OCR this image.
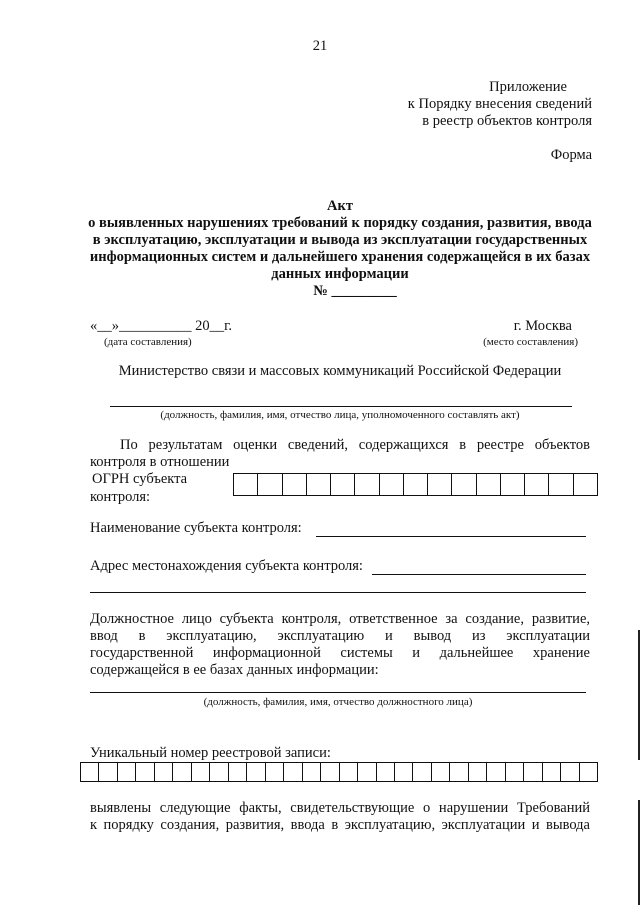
21
Приложение
к Порядку внесения сведений
в реестр объектов контроля
Форма
Акт
о выявленных нарушениях требований к порядку создания, развития, ввода
в эксплуатацию, эксплуатации и вывода из эксплуатации государственных
информационных систем и дальнейшего хранения содержащейся в их базах
данных информации
№ _________
«__»__________ 20__г.
(дата составления)
г. Москва
(место составления)
Министерство связи и массовых коммуникаций Российской Федерации
(должность, фамилия, имя, отчество лица, уполномоченного составлять акт)
По результатам оценки сведений, содержащихся в реестре объектов
контроля в отношении
ОГРН субъекта
контроля:
Наименование субъекта контроля:
Адрес местонахождения субъекта контроля:
Должностное лицо субъекта контроля, ответственное за создание, развитие,
ввод в эксплуатацию, эксплуатацию и вывод из эксплуатации
государственной информационной системы и дальнейшее хранение
содержащейся в ее базах данных информации:
(должность, фамилия, имя, отчество должностного лица)
Уникальный номер реестровой записи:
выявлены следующие факты, свидетельствующие о нарушении Требований
к порядку создания, развития, ввода в эксплуатацию, эксплуатации и вывода
